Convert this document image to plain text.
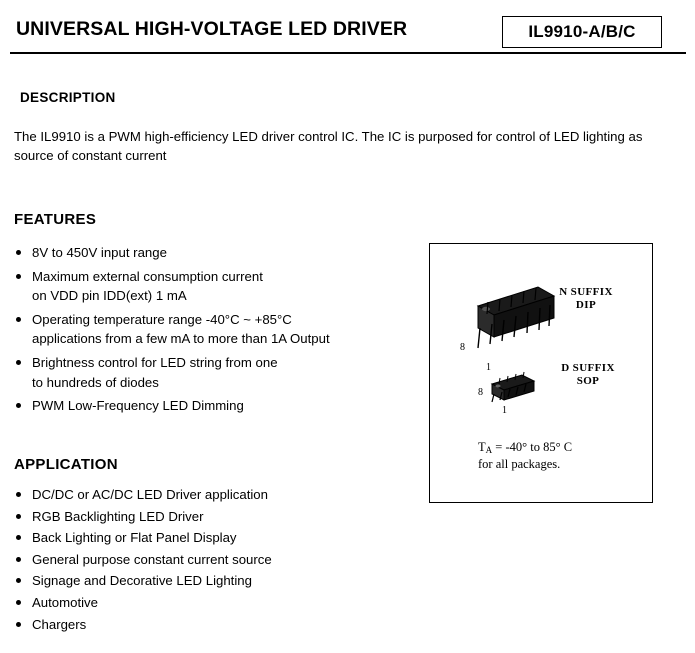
UNIVERSAL HIGH-VOLTAGE LED DRIVER	IL9910-A/B/C
DESCRIPTION
The IL9910 is a PWM high-efficiency LED driver control IC. The IC is purposed for control of LED lighting as source of constant current
FEATURES
8V to 450V input range
Maximum external consumption current
on VDD pin IDD(ext) 1 mA
Operating temperature range -40°C ~ +85°C
applications from a few mA to more than 1A Output
Brightness control for LED string from one
to hundreds of diodes
PWM Low-Frequency LED Dimming
APPLICATION
DC/DC or AC/DC LED Driver application
RGB Backlighting LED Driver
Back Lighting or Flat Panel Display
General purpose constant current source
Signage and Decorative LED Lighting
Automotive
Chargers
N SUFFIX
DIP
D SUFFIX
SOP
8
1
8
1
$T_A = -40^\circ$ to 85° C
for all packages.
